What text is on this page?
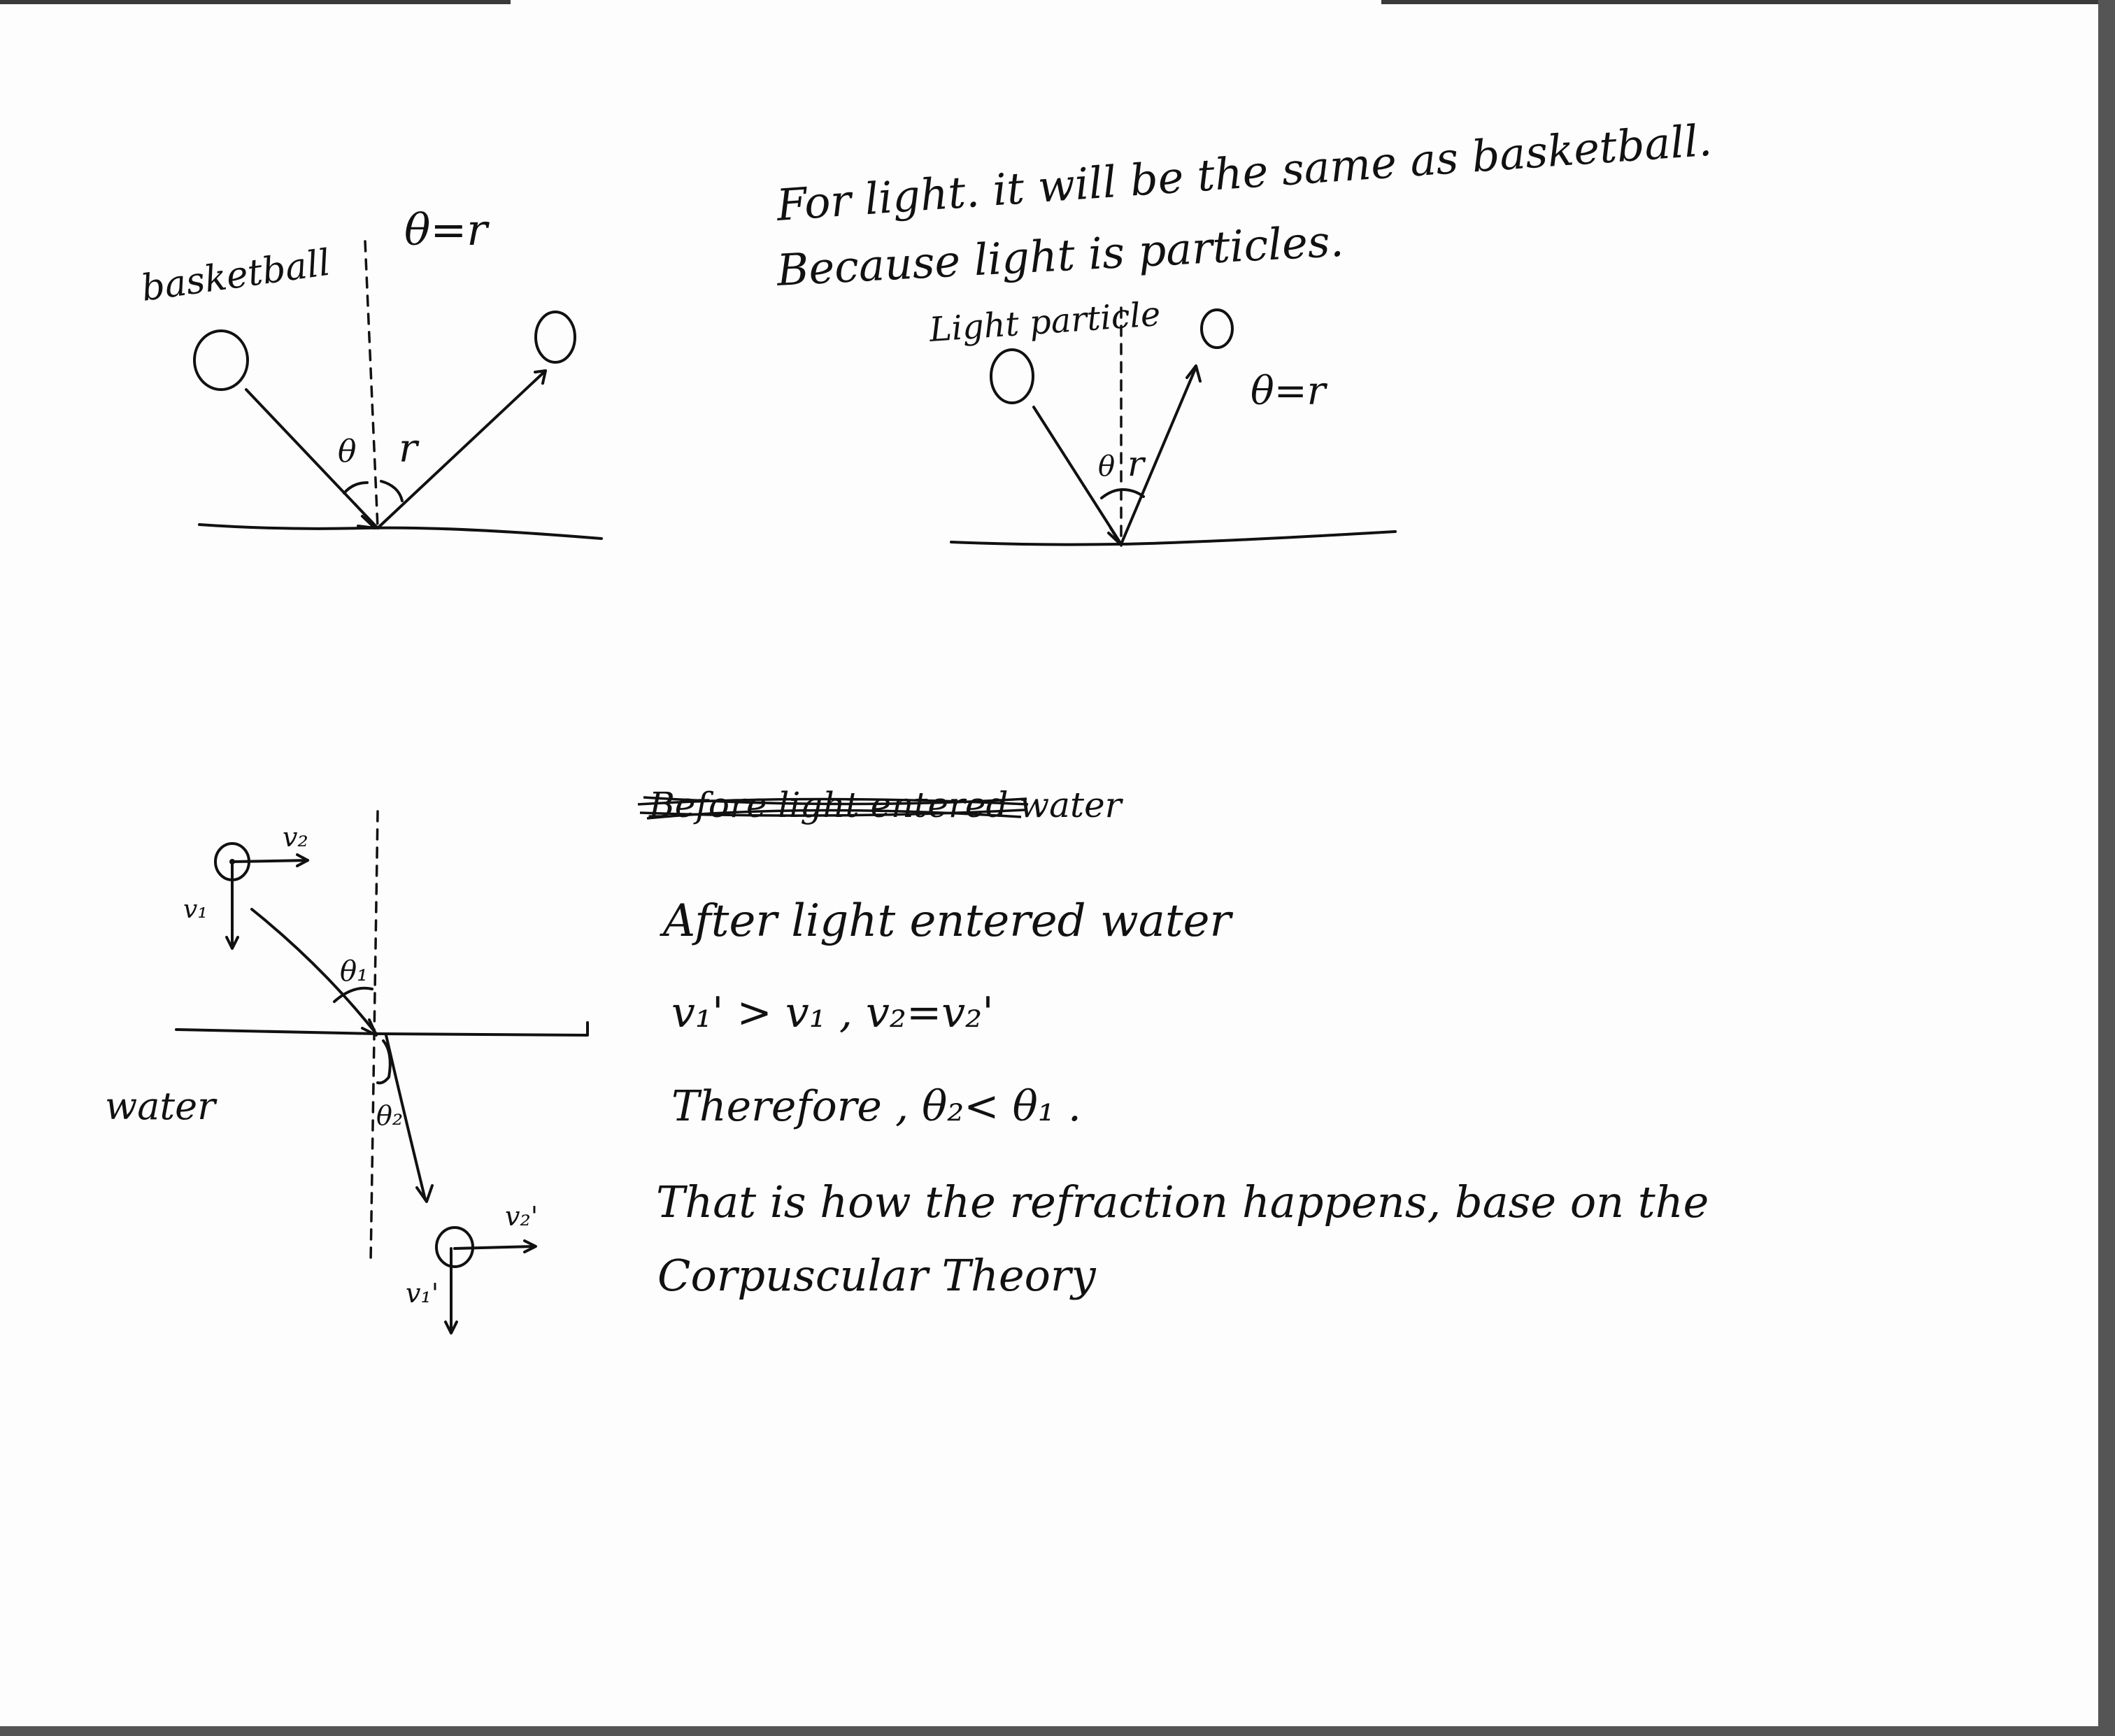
basketball
θ=r
θ r
For light. it will be the same as basketball.
Because light is particles.
Light particle
θ=r
θ r
water
v₂
v₁
θ₁
θ₂
v₂'
v₁'
Before light entered water
After light entered water
v₁' > v₁ , v₂=v₂'
Therefore , θ₂< θ₁ .
That is how the refraction happens, base on the
Corpuscular Theory
